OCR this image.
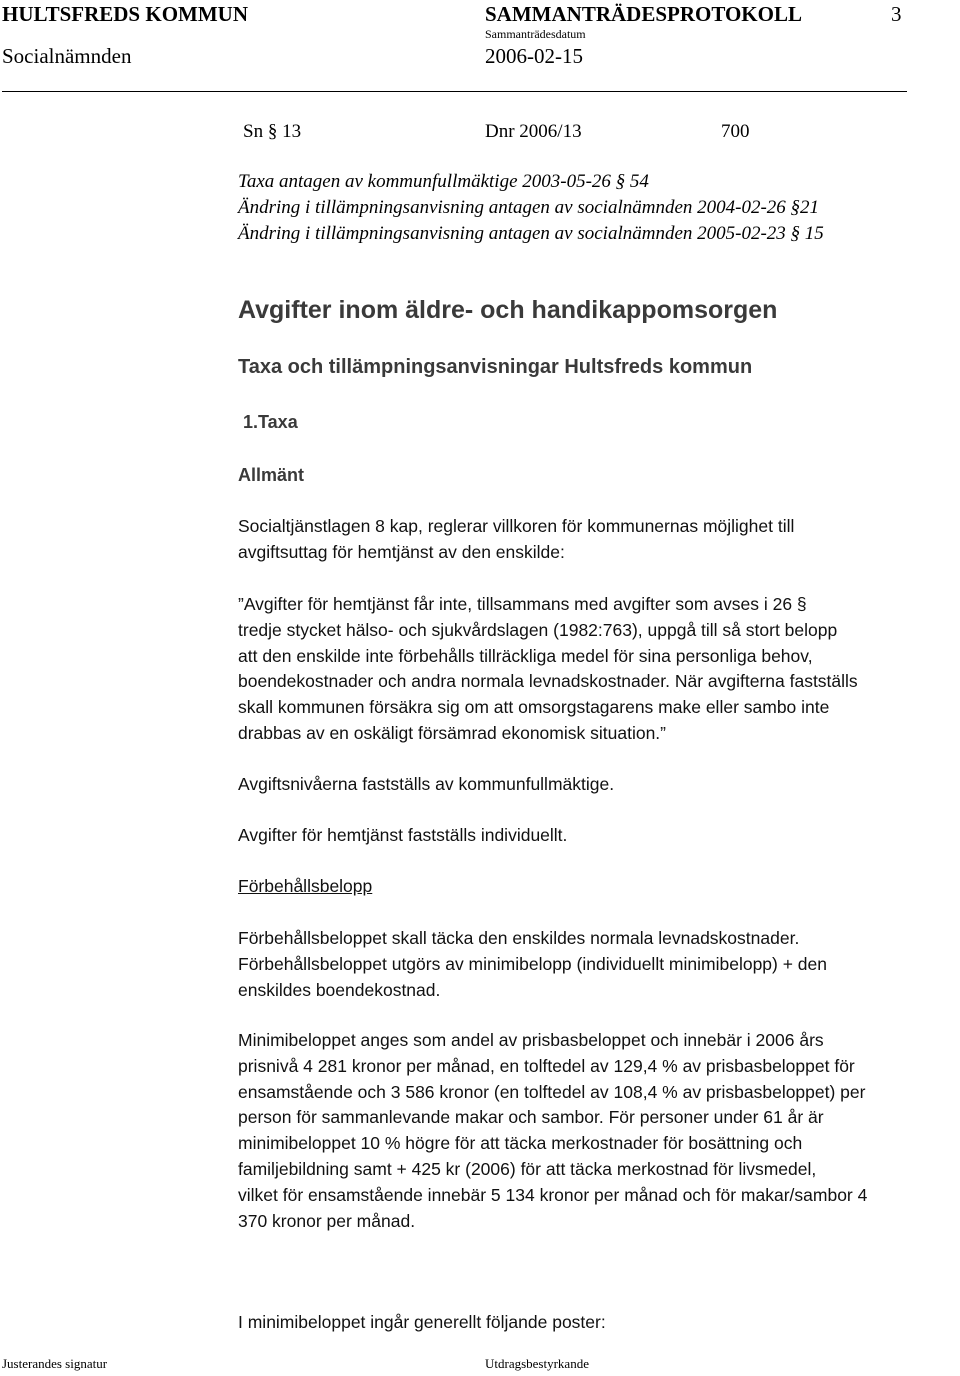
HULTSFREDS KOMMUN	SAMMANTRÄDESPROTOKOLL	3
Sammanträdesdatum
Socialnämnden	2006-02-15
Sn § 13	Dnr 2006/13	700
Taxa antagen av kommunfullmäktige 2003-05-26 § 54
Ändring i tillämpningsanvisning antagen av socialnämnden 2004-02-26 §21
Ändring i tillämpningsanvisning antagen av socialnämnden 2005-02-23 § 15
Avgifter inom äldre- och handikappomsorgen
Taxa och tillämpningsanvisningar Hultsfreds kommun
1.Taxa
Allmänt
Socialtjänstlagen 8 kap, reglerar villkoren för kommunernas möjlighet till
avgiftsuttag för hemtjänst av den enskilde:
”Avgifter för hemtjänst får inte, tillsammans med avgifter som avses i 26 §
tredje stycket hälso- och sjukvårdslagen (1982:763), uppgå till så stort belopp
att den enskilde inte förbehålls tillräckliga medel för sina personliga behov,
boendekostnader och andra normala levnadskostnader. När avgifterna fastställs
skall kommunen försäkra sig om att omsorgstagarens make eller sambo inte
drabbas av en oskäligt försämrad ekonomisk situation.”
Avgiftsnivåerna fastställs av kommunfullmäktige.
Avgifter för hemtjänst fastställs individuellt.
Förbehållsbelopp
Förbehållsbeloppet skall täcka den enskildes normala levnadskostnader.
Förbehållsbeloppet utgörs av minimibelopp (individuellt minimibelopp) + den
enskildes boendekostnad.
Minimibeloppet anges som andel av prisbasbeloppet och innebär i 2006 års
prisnivå 4 281 kronor per månad, en tolftedel av 129,4 % av prisbasbeloppet för
ensamstående och 3 586 kronor (en tolftedel av 108,4 % av prisbasbeloppet) per
person för sammanlevande makar och sambor. För personer under 61 år är
minimibeloppet 10 % högre för att täcka merkostnader för bosättning och
familjebildning samt + 425 kr (2006) för att täcka merkostnad för livsmedel,
vilket för ensamstående innebär 5 134 kronor per månad och för makar/sambor 4
370 kronor per månad.
I minimibeloppet ingår generellt följande poster:
Justerandes signatur	Utdragsbestyrkande
